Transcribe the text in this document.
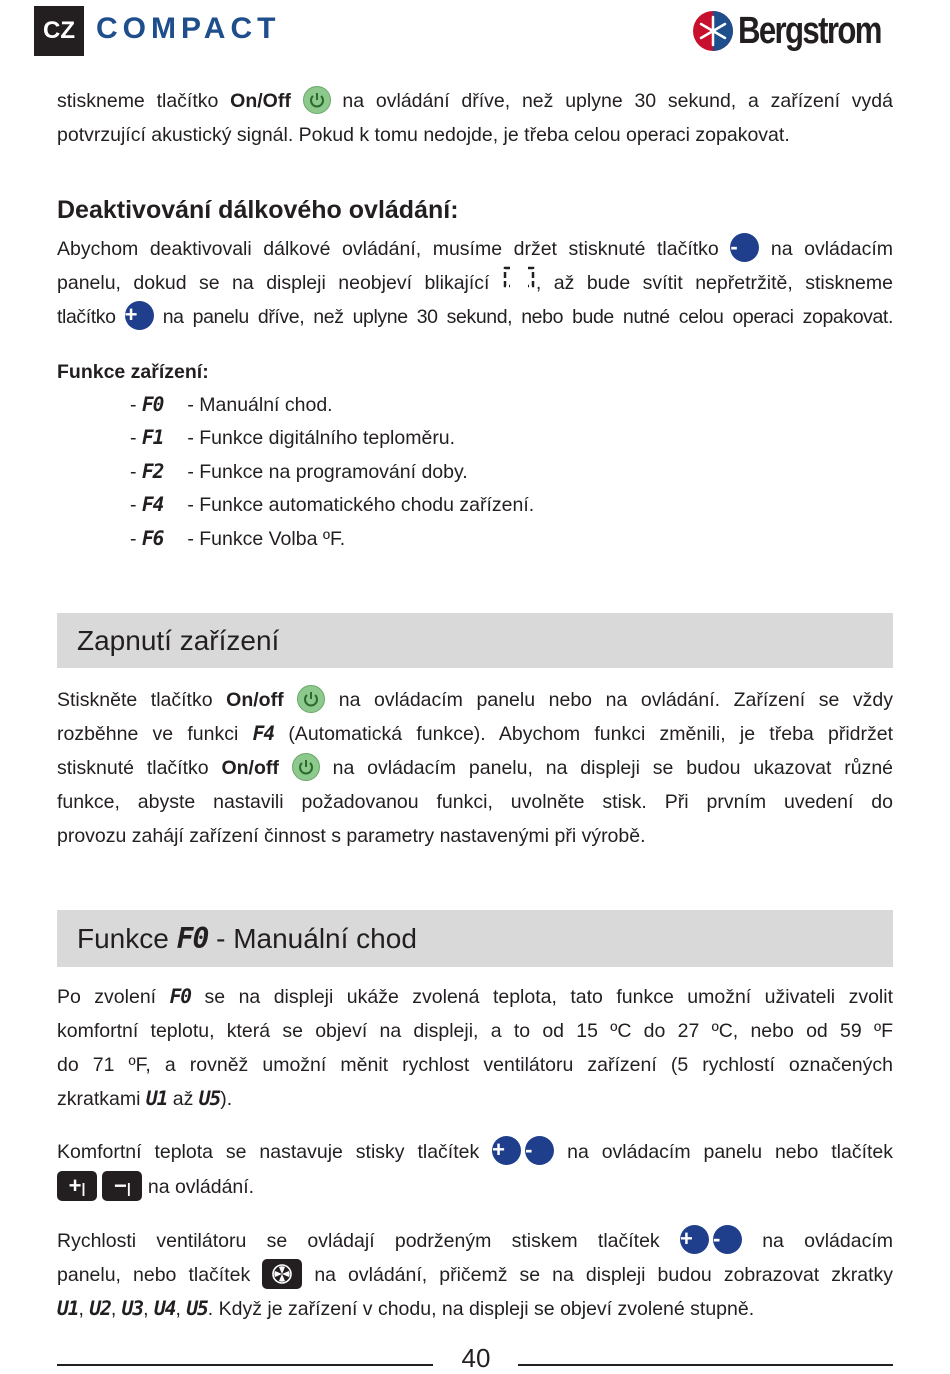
CZ COMPACT	Bergstrom
stiskneme tlačítko On/Off	na ovládání dříve, než uplyne 30 sekund, a zařízení vydá
potvrzující akustický signál. Pokud k tomu nedojde, je třeba celou operaci zopakovat.
Deaktivování dálkového ovládání:
Abychom deaktivovali dálkové ovládání, musíme držet stisknuté tlačítko - na ovládacím
panelu, dokud se na displeji neobjeví blikající , až bude svítit nepřetržitě, stiskneme
tlačítko + na panelu dříve, než uplyne 30 sekund, nebo bude nutné celou operaci zopakovat.
Funkce zařízení:
- F0 - Manuální chod.
- F1 - Funkce digitálního teploměru.
- F2 - Funkce na programování doby.
- F4 - Funkce automatického chodu zařízení.
- F6 - Funkce Volba ºF.
Zapnutí zařízení
Stiskněte tlačítko On/off	na ovládacím panelu nebo na ovládání. Zařízení se vždy
rozběhne ve funkci F4 (Automatická funkce). Abychom funkci změnili, je třeba přidržet
stisknuté tlačítko On/off	na ovládacím panelu, na displeji se budou ukazovat různé
funkce, abyste nastavili požadovanou funkci, uvolněte stisk. Při prvním uvedení do
provozu zahájí zařízení činnost s parametry nastavenými při výrobě.
Funkce F0 - Manuální chod
Po zvolení F0 se na displeji ukáže zvolená teplota, tato funkce umožní uživateli zvolit
komfortní teplotu, která se objeví na displeji, a to od 15 ºC do 27 ºC, nebo od 59 ºF
do 71 ºF, a rovněž umožní měnit rychlost ventilátoru zařízení (5 rychlostí označených
zkratkami U1 až U5).
Komfortní teplota se nastavuje stisky tlačítek + - na ovládacím panelu nebo tlačítek
+| −| na ovládání.
Rychlosti ventilátoru se ovládají podrženým stiskem tlačítek + - na ovládacím
panelu, nebo tlačítek	na ovládání, přičemž se na displeji budou zobrazovat zkratky
U1, U2, U3, U4, U5. Když je zařízení v chodu, na displeji se objeví zvolené stupně.
40
